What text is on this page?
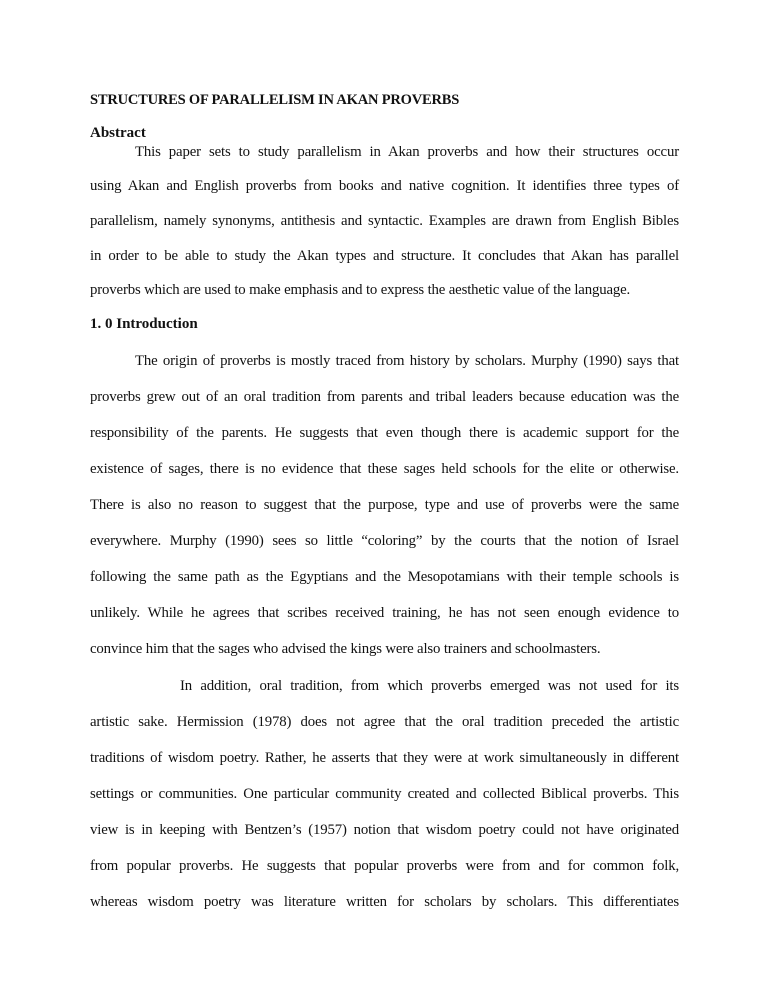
STRUCTURES OF PARALLELISM IN AKAN PROVERBS
Abstract
This paper sets to study parallelism in Akan proverbs and how their structures occur
using Akan and English proverbs from books and native cognition. It identifies three types of
parallelism, namely synonyms, antithesis and syntactic. Examples are drawn from English Bibles
in order to be able to study the Akan types and structure. It concludes that Akan has parallel
proverbs which are used to make emphasis and to express the aesthetic value of the language.
1. 0 Introduction
The origin of proverbs is mostly traced from history by scholars. Murphy (1990) says that
proverbs grew out of an oral tradition from parents and tribal leaders because education was the
responsibility of the parents. He suggests that even though there is academic support for the
existence of sages, there is no evidence that these sages held schools for the elite or otherwise.
There is also no reason to suggest that the purpose, type and use of proverbs were the same
everywhere. Murphy (1990) sees so little “coloring” by the courts that the notion of Israel
following the same path as the Egyptians and the Mesopotamians with their temple schools is
unlikely. While he agrees that scribes received training, he has not seen enough evidence to
convince him that the sages who advised the kings were also trainers and schoolmasters.
In addition, oral tradition, from which proverbs emerged was not used for its
artistic sake. Hermission (1978) does not agree that the oral tradition preceded the artistic
traditions of wisdom poetry. Rather, he asserts that they were at work simultaneously in different
settings or communities. One particular community created and collected Biblical proverbs. This
view is in keeping with Bentzen’s (1957) notion that wisdom poetry could not have originated
from popular proverbs. He suggests that popular proverbs were from and for common folk,
whereas wisdom poetry was literature written for scholars by scholars. This differentiates
